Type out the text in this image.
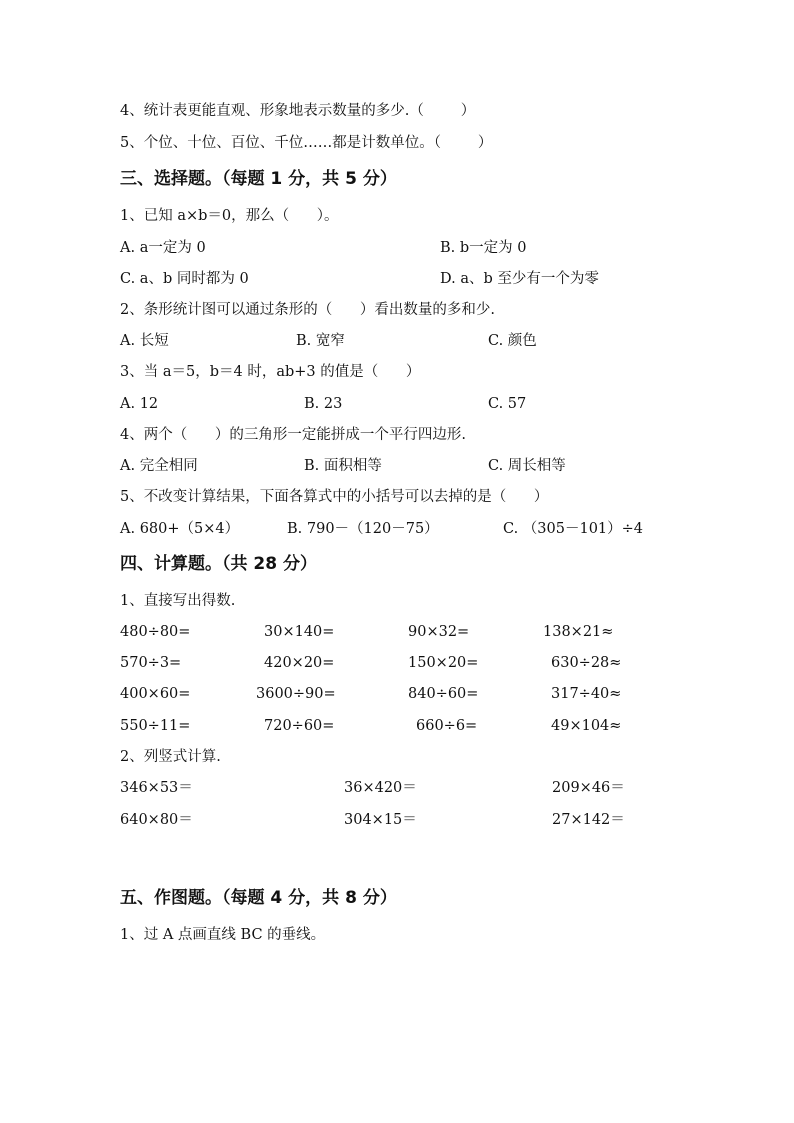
4、统计表更能直观、形象地表示数量的多少.（        ）
5、个位、十位、百位、千位……都是计数单位。（        ）
三、选择题。（每题 1 分，共 5 分）
1、已知 a×b＝0，那么（      ）。
A. a一定为 0	B. b一定为 0
C. a、b 同时都为 0	D. a、b 至少有一个为零
2、条形统计图可以通过条形的（      ）看出数量的多和少.
A. 长短	B. 宽窄	C. 颜色
3、当 a＝5，b＝4 时，ab+3 的值是（      ）
A. 12	B. 23	C. 57
4、两个（      ）的三角形一定能拼成一个平行四边形.
A. 完全相同	B. 面积相等	C. 周长相等
5、不改变计算结果，下面各算式中的小括号可以去掉的是（      ）
A. 680+（5×4）	B. 790－（120－75）	C. （305－101）÷4
四、计算题。（共 28 分）
1、直接写出得数.
480÷80=	30×140=	90×32=	138×21≈
570÷3=	420×20=	150×20=	630÷28≈
400×60=	3600÷90=	840÷60=	317÷40≈
550÷11=	720÷60=	660÷6=	49×104≈
2、列竖式计算.
346×53＝	36×420＝	209×46＝
640×80＝	304×15＝	27×142＝
五、作图题。（每题 4 分，共 8 分）
1、过 A 点画直线 BC 的垂线。
